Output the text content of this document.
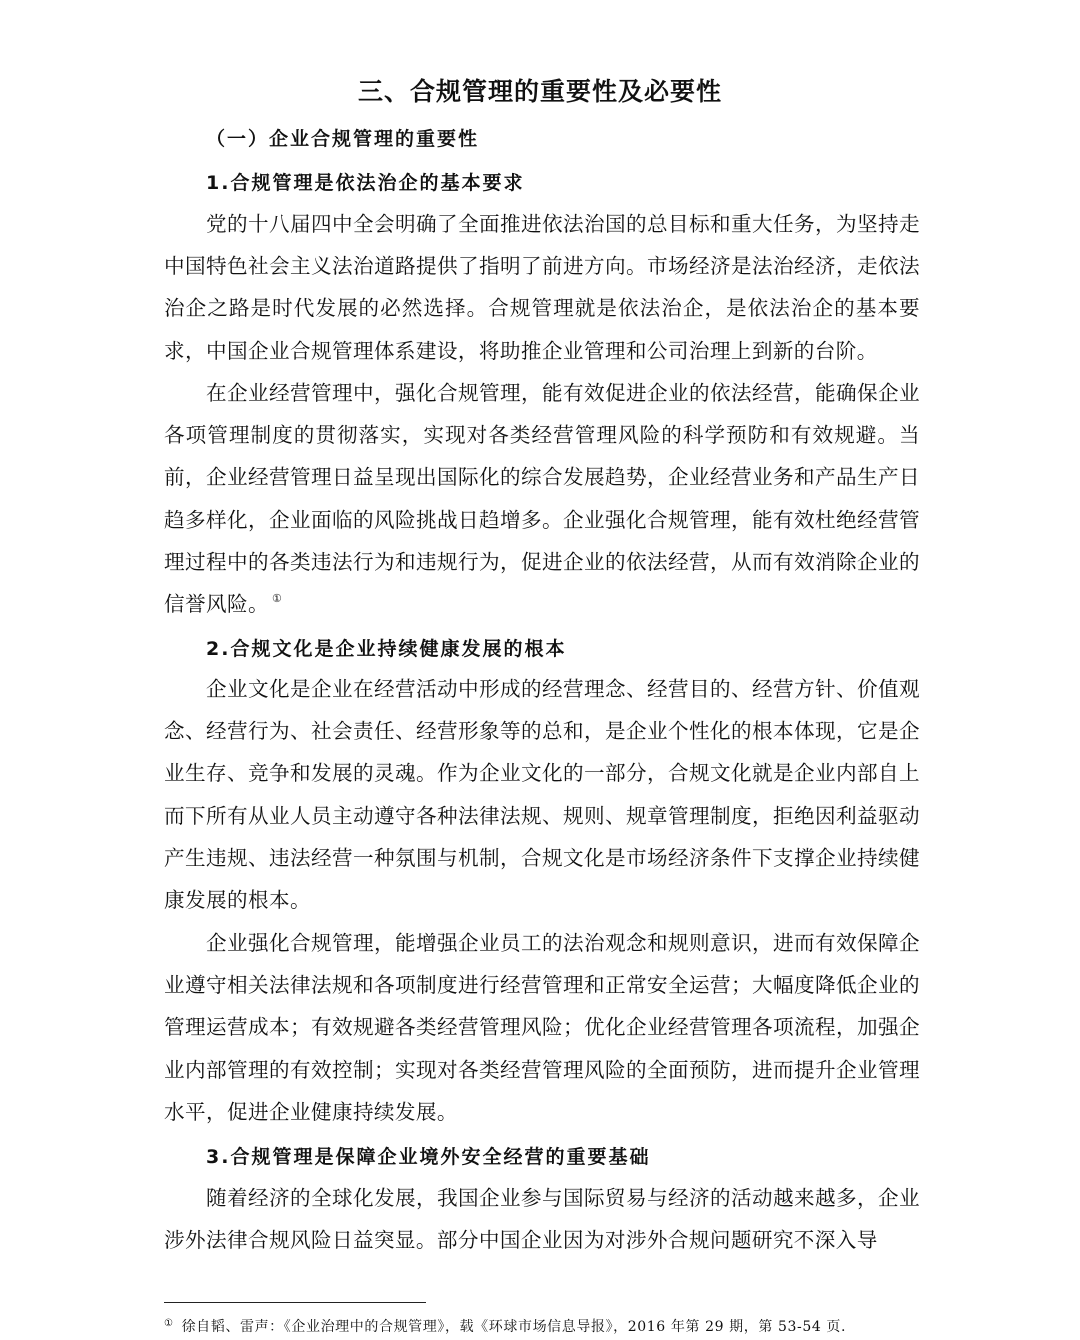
三、合规管理的重要性及必要性
（一）企业合规管理的重要性
1.合规管理是依法治企的基本要求

党的十八届四中全会明确了全面推进依法治国的总目标和重大任务，为坚持走中国特色社会主义法治道路提供了指明了前进方向。市场经济是法治经济，走依法治企之路是时代发展的必然选择。合规管理就是依法治企，是依法治企的基本要求，中国企业合规管理体系建设，将助推企业管理和公司治理上到新的台阶。

在企业经营管理中，强化合规管理，能有效促进企业的依法经营，能确保企业各项管理制度的贯彻落实，实现对各类经营管理风险的科学预防和有效规避。当前，企业经营管理日益呈现出国际化的综合发展趋势，企业经营业务和产品生产日趋多样化，企业面临的风险挑战日趋增多。企业强化合规管理，能有效杜绝经营管理过程中的各类违法行为和违规行为，促进企业的依法经营，从而有效消除企业的信誉风险。 ①

2.合规文化是企业持续健康发展的根本

企业文化是企业在经营活动中形成的经营理念、经营目的、经营方针、价值观念、经营行为、社会责任、经营形象等的总和，是企业个性化的根本体现，它是企业生存、竞争和发展的灵魂。作为企业文化的一部分，合规文化就是企业内部自上而下所有从业人员主动遵守各种法律法规、规则、规章管理制度，拒绝因利益驱动产生违规、违法经营一种氛围与机制，合规文化是市场经济条件下支撑企业持续健康发展的根本。

企业强化合规管理，能增强企业员工的法治观念和规则意识，进而有效保障企业遵守相关法律法规和各项制度进行经营管理和正常安全运营；大幅度降低企业的管理运营成本；有效规避各类经营管理风险；优化企业经营管理各项流程，加强企业内部管理的有效控制；实现对各类经营管理风险的全面预防，进而提升企业管理水平，促进企业健康持续发展。

3.合规管理是保障企业境外安全经营的重要基础

随着经济的全球化发展，我国企业参与国际贸易与经济的活动越来越多，企业涉外法律合规风险日益突显。部分中国企业因为对涉外合规问题研究不深入导

① 徐自韬、雷声：《企业治理中的合规管理》，载《环球市场信息导报》，2016 年第 29 期，第 53-54 页.
